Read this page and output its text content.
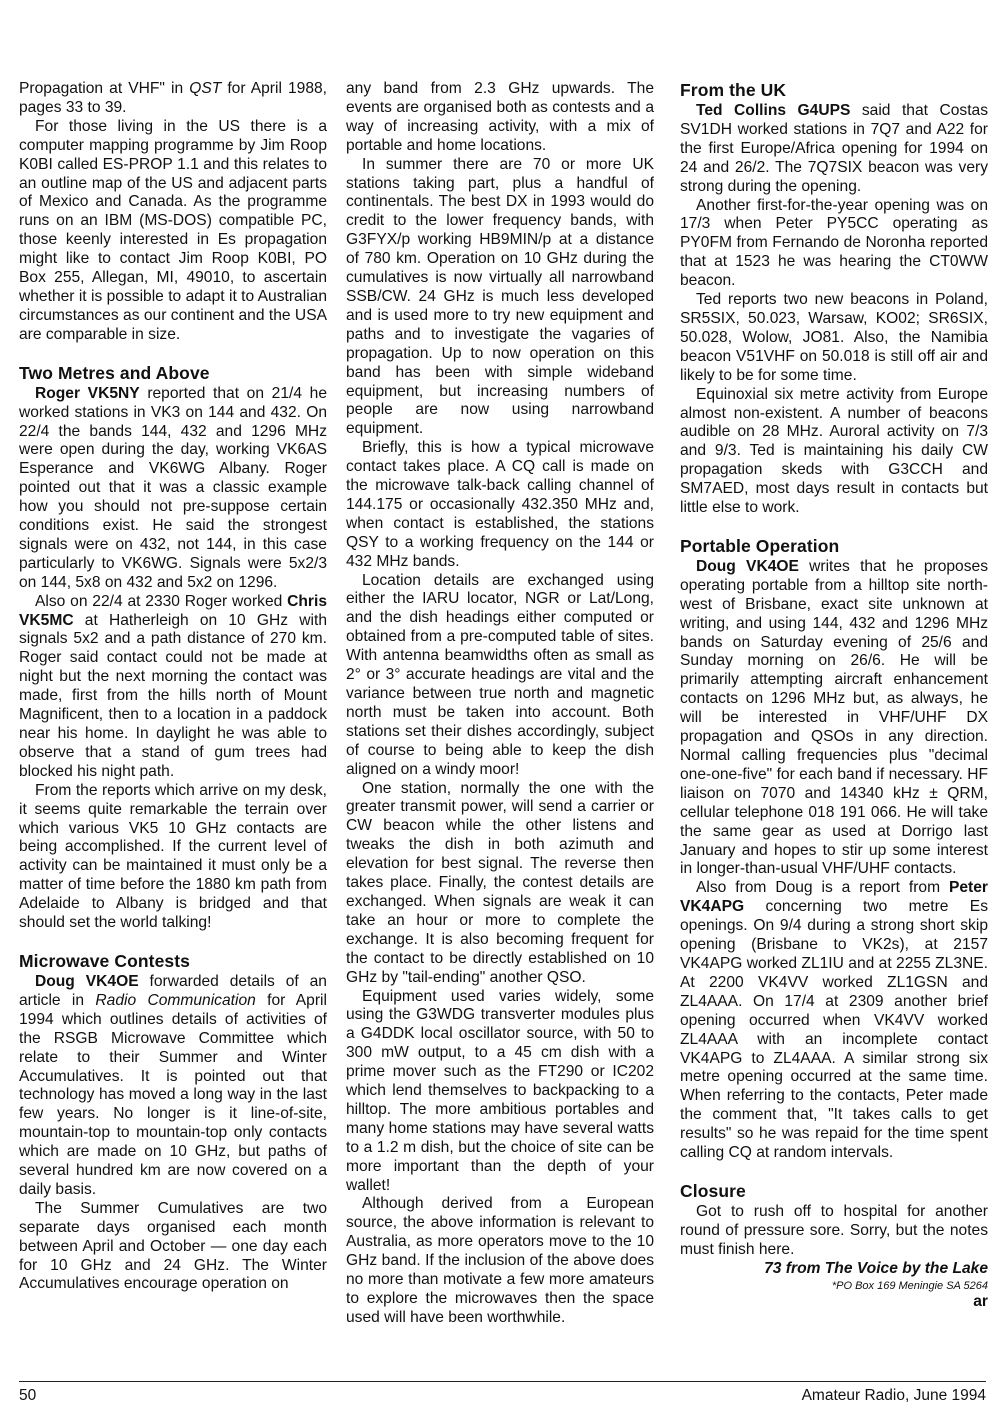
Propagation at VHF" in QST for April 1988, pages 33 to 39.

For those living in the US there is a computer mapping programme by Jim Roop K0BI called ES-PROP 1.1 and this relates to an outline map of the US and adjacent parts of Mexico and Canada. As the programme runs on an IBM (MS-DOS) compatible PC, those keenly interested in Es propagation might like to contact Jim Roop K0BI, PO Box 255, Allegan, MI, 49010, to ascertain whether it is possible to adapt it to Australian circumstances as our continent and the USA are comparable in size.

Two Metres and Above

Roger VK5NY reported that on 21/4 he worked stations in VK3 on 144 and 432. On 22/4 the bands 144, 432 and 1296 MHz were open during the day, working VK6AS Esperance and VK6WG Albany. Roger pointed out that it was a classic example how you should not pre-suppose certain conditions exist. He said the strongest signals were on 432, not 144, in this case particularly to VK6WG. Signals were 5x2/3 on 144, 5x8 on 432 and 5x2 on 1296.

Also on 22/4 at 2330 Roger worked Chris VK5MC at Hatherleigh on 10 GHz with signals 5x2 and a path distance of 270 km. Roger said contact could not be made at night but the next morning the contact was made, first from the hills north of Mount Magnificent, then to a location in a paddock near his home. In daylight he was able to observe that a stand of gum trees had blocked his night path.

From the reports which arrive on my desk, it seems quite remarkable the terrain over which various VK5 10 GHz contacts are being accomplished. If the current level of activity can be maintained it must only be a matter of time before the 1880 km path from Adelaide to Albany is bridged and that should set the world talking!

Microwave Contests

Doug VK4OE forwarded details of an article in Radio Communication for April 1994 which outlines details of activities of the RSGB Microwave Committee which relate to their Summer and Winter Accumulatives. It is pointed out that technology has moved a long way in the last few years. No longer is it line-of-site, mountain-top to mountain-top only contacts which are made on 10 GHz, but paths of several hundred km are now covered on a daily basis.

The Summer Cumulatives are two separate days organised each month between April and October — one day each for 10 GHz and 24 GHz. The Winter Accumulatives encourage operation on

any band from 2.3 GHz upwards. The events are organised both as contests and a way of increasing activity, with a mix of portable and home locations.

In summer there are 70 or more UK stations taking part, plus a handful of continentals. The best DX in 1993 would do credit to the lower frequency bands, with G3FYX/p working HB9MIN/p at a distance of 780 km. Operation on 10 GHz during the cumulatives is now virtually all narrowband SSB/CW. 24 GHz is much less developed and is used more to try new equipment and paths and to investigate the vagaries of propagation. Up to now operation on this band has been with simple wideband equipment, but increasing numbers of people are now using narrowband equipment.

Briefly, this is how a typical microwave contact takes place. A CQ call is made on the microwave talk-back calling channel of 144.175 or occasionally 432.350 MHz and, when contact is established, the stations QSY to a working frequency on the 144 or 432 MHz bands.

Location details are exchanged using either the IARU locator, NGR or Lat/Long, and the dish headings either computed or obtained from a pre-computed table of sites. With antenna beamwidths often as small as 2° or 3° accurate headings are vital and the variance between true north and magnetic north must be taken into account. Both stations set their dishes accordingly, subject of course to being able to keep the dish aligned on a windy moor!

One station, normally the one with the greater transmit power, will send a carrier or CW beacon while the other listens and tweaks the dish in both azimuth and elevation for best signal. The reverse then takes place. Finally, the contest details are exchanged. When signals are weak it can take an hour or more to complete the exchange. It is also becoming frequent for the contact to be directly established on 10 GHz by "tail-ending" another QSO.

Equipment used varies widely, some using the G3WDG transverter modules plus a G4DDK local oscillator source, with 50 to 300 mW output, to a 45 cm dish with a prime mover such as the FT290 or IC202 which lend themselves to backpacking to a hilltop. The more ambitious portables and many home stations may have several watts to a 1.2 m dish, but the choice of site can be more important than the depth of your wallet!

Although derived from a European source, the above information is relevant to Australia, as more operators move to the 10 GHz band. If the inclusion of the above does no more than motivate a few more amateurs to explore the microwaves then the space used will have been worthwhile.

From the UK

Ted Collins G4UPS said that Costas SV1DH worked stations in 7Q7 and A22 for the first Europe/Africa opening for 1994 on 24 and 26/2. The 7Q7SIX beacon was very strong during the opening.

Another first-for-the-year opening was on 17/3 when Peter PY5CC operating as PY0FM from Fernando de Noronha reported that at 1523 he was hearing the CT0WW beacon.

Ted reports two new beacons in Poland, SR5SIX, 50.023, Warsaw, KO02; SR6SIX, 50.028, Wolow, JO81. Also, the Namibia beacon V51VHF on 50.018 is still off air and likely to be for some time.

Equinoxial six metre activity from Europe almost non-existent. A number of beacons audible on 28 MHz. Auroral activity on 7/3 and 9/3. Ted is maintaining his daily CW propagation skeds with G3CCH and SM7AED, most days result in contacts but little else to work.

Portable Operation

Doug VK4OE writes that he proposes operating portable from a hilltop site north-west of Brisbane, exact site unknown at writing, and using 144, 432 and 1296 MHz bands on Saturday evening of 25/6 and Sunday morning on 26/6. He will be primarily attempting aircraft enhancement contacts on 1296 MHz but, as always, he will be interested in VHF/UHF DX propagation and QSOs in any direction. Normal calling frequencies plus "decimal one-one-five" for each band if necessary. HF liaison on 7070 and 14340 kHz ± QRM, cellular telephone 018 191 066. He will take the same gear as used at Dorrigo last January and hopes to stir up some interest in longer-than-usual VHF/UHF contacts.

Also from Doug is a report from Peter VK4APG concerning two metre Es openings. On 9/4 during a strong short skip opening (Brisbane to VK2s), at 2157 VK4APG worked ZL1IU and at 2255 ZL3NE. At 2200 VK4VV worked ZL1GSN and ZL4AAA. On 17/4 at 2309 another brief opening occurred when VK4VV worked ZL4AAA with an incomplete contact VK4APG to ZL4AAA. A similar strong six metre opening occurred at the same time. When referring to the contacts, Peter made the comment that, "It takes calls to get results" so he was repaid for the time spent calling CQ at random intervals.

Closure

Got to rush off to hospital for another round of pressure sore. Sorry, but the notes must finish here.

73 from The Voice by the Lake

*PO Box 169 Meningie SA 5264

ar

50	Amateur Radio, June 1994
